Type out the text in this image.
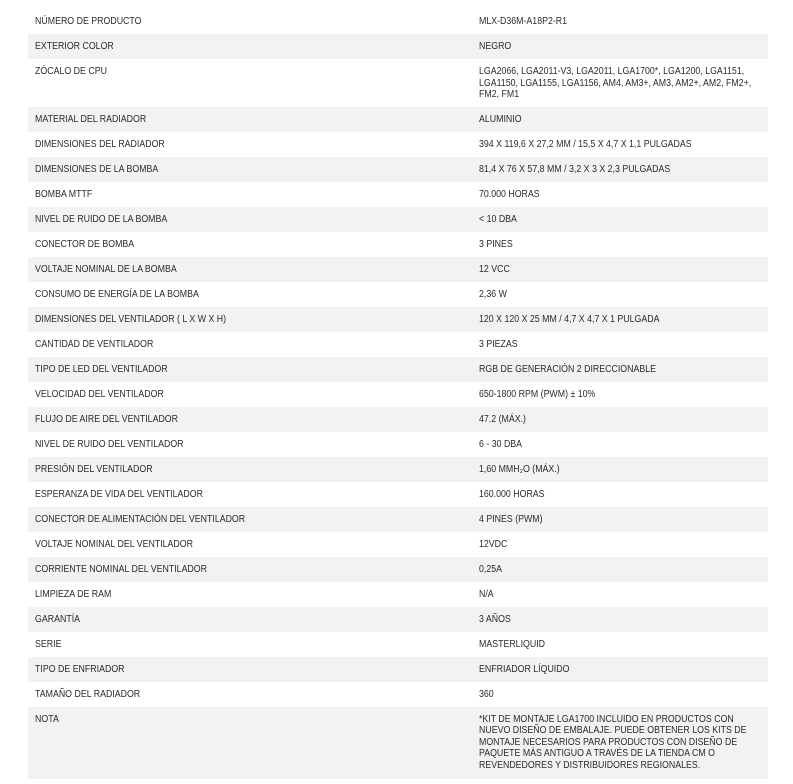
NÚMERO DE PRODUCTO	MLX-D36M-A18P2-R1
EXTERIOR COLOR	NEGRO
ZÓCALO DE CPU	LGA2066, LGA2011-V3, LGA2011, LGA1700*, LGA1200, LGA1151, LGA1150, LGA1155, LGA1156, AM4, AM3+, AM3, AM2+, AM2, FM2+, FM2, FM1
MATERIAL DEL RADIADOR	ALUMINIO
DIMENSIONES DEL RADIADOR	394 X 119,6 X 27,2 MM / 15,5 X 4,7 X 1,1 PULGADAS
DIMENSIONES DE LA BOMBA	81,4 X 76 X 57,8 MM / 3,2 X 3 X 2,3 PULGADAS
BOMBA MTTF	70.000 HORAS
NIVEL DE RUIDO DE LA BOMBA	< 10 DBA
CONECTOR DE BOMBA	3 PINES
VOLTAJE NOMINAL DE LA BOMBA	12 VCC
CONSUMO DE ENERGÍA DE LA BOMBA	2,36 W
DIMENSIONES DEL VENTILADOR ( L X W X H)	120 X 120 X 25 MM / 4,7 X 4,7 X 1 PULGADA
CANTIDAD DE VENTILADOR	3 PIEZAS
TIPO DE LED DEL VENTILADOR	RGB DE GENERACIÓN 2 DIRECCIONABLE
VELOCIDAD DEL VENTILADOR	650-1800 RPM (PWM) ± 10%
FLUJO DE AIRE DEL VENTILADOR	47.2 (MÁX.)
NIVEL DE RUIDO DEL VENTILADOR	6 - 30 DBA
PRESIÓN DEL VENTILADOR	1,60 MMH₂O (MÁX.)
ESPERANZA DE VIDA DEL VENTILADOR	160.000 HORAS
CONECTOR DE ALIMENTACIÓN DEL VENTILADOR	4 PINES (PWM)
VOLTAJE NOMINAL DEL VENTILADOR	12VDC
CORRIENTE NOMINAL DEL VENTILADOR	0,25A
LIMPIEZA DE RAM	N/A
GARANTÍA	3 AÑOS
SERIE	MASTERLIQUID
TIPO DE ENFRIADOR	ENFRIADOR LÍQUIDO
TAMAÑO DEL RADIADOR	360
NOTA	*KIT DE MONTAJE LGA1700 INCLUIDO EN PRODUCTOS CON NUEVO DISEÑO DE EMBALAJE. PUEDE OBTENER LOS KITS DE MONTAJE NECESARIOS PARA PRODUCTOS CON DISEÑO DE PAQUETE MÁS ANTIGUO A TRAVÉS DE LA TIENDA CM O REVENDEDORES Y DISTRIBUIDORES REGIONALES.
